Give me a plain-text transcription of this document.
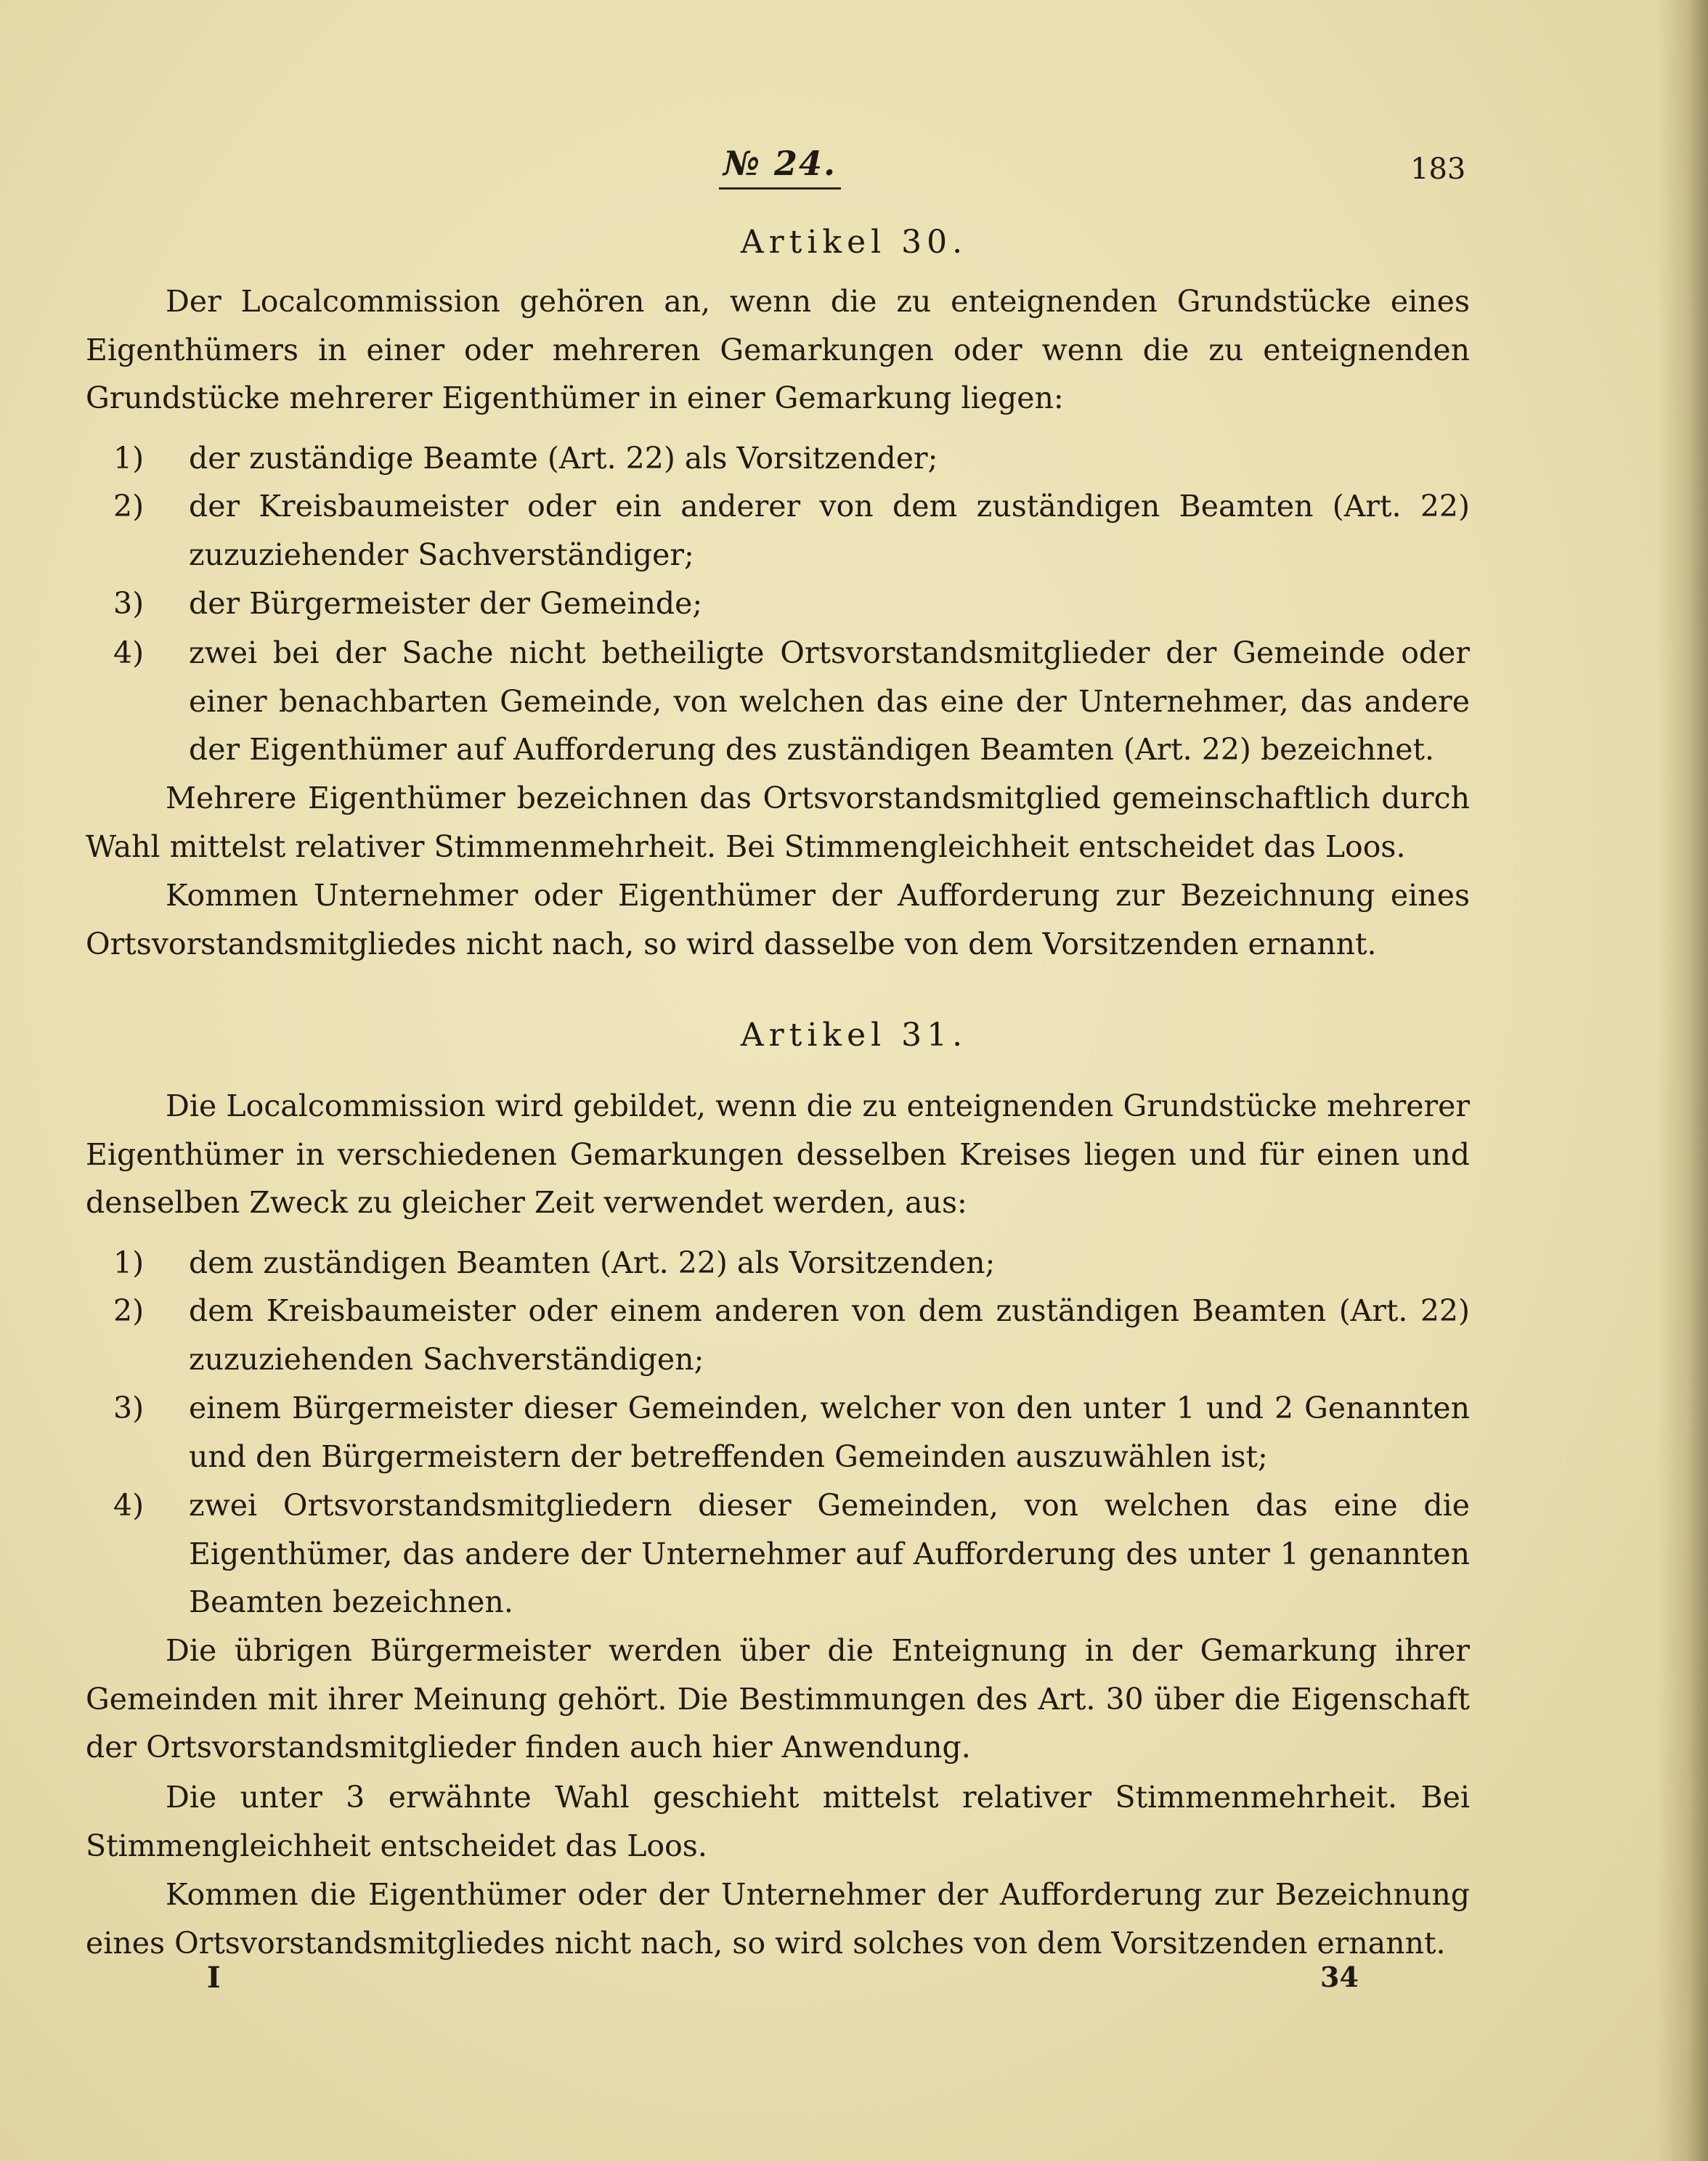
№ 24.	183
Artikel 30.

Der Localcommission gehören an, wenn die zu enteignenden Grundstücke eines Eigenthümers in einer oder mehreren Gemarkungen oder wenn die zu enteignenden Grundstücke mehrerer Eigenthümer in einer Gemarkung liegen:

1) der zuständige Beamte (Art. 22) als Vorsitzender;
2) der Kreisbaumeister oder ein anderer von dem zuständigen Beamten (Art. 22) zuzuziehender Sachverständiger;
3) der Bürgermeister der Gemeinde;
4) zwei bei der Sache nicht betheiligte Ortsvorstandsmitglieder der Gemeinde oder einer benachbarten Gemeinde, von welchen das eine der Unternehmer, das andere der Eigenthümer auf Aufforderung des zuständigen Beamten (Art. 22) bezeichnet.

Mehrere Eigenthümer bezeichnen das Ortsvorstandsmitglied gemeinschaftlich durch Wahl mittelst relativer Stimmenmehrheit. Bei Stimmengleichheit entscheidet das Loos.

Kommen Unternehmer oder Eigenthümer der Aufforderung zur Bezeichnung eines Ortsvorstandsmitgliedes nicht nach, so wird dasselbe von dem Vorsitzenden ernannt.

Artikel 31.

Die Localcommission wird gebildet, wenn die zu enteignenden Grundstücke mehrerer Eigenthümer in verschiedenen Gemarkungen desselben Kreises liegen und für einen und denselben Zweck zu gleicher Zeit verwendet werden, aus:

1) dem zuständigen Beamten (Art. 22) als Vorsitzenden;
2) dem Kreisbaumeister oder einem anderen von dem zuständigen Beamten (Art. 22) zuzuziehenden Sachverständigen;
3) einem Bürgermeister dieser Gemeinden, welcher von den unter 1 und 2 Genannten und den Bürgermeistern der betreffenden Gemeinden auszuwählen ist;
4) zwei Ortsvorstandsmitgliedern dieser Gemeinden, von welchen das eine die Eigenthümer, das andere der Unternehmer auf Aufforderung des unter 1 genannten Beamten bezeichnen.

Die übrigen Bürgermeister werden über die Enteignung in der Gemarkung ihrer Gemeinden mit ihrer Meinung gehört. Die Bestimmungen des Art. 30 über die Eigenschaft der Ortsvorstandsmitglieder finden auch hier Anwendung.

Die unter 3 erwähnte Wahl geschieht mittelst relativer Stimmenmehrheit. Bei Stimmengleichheit entscheidet das Loos.

Kommen die Eigenthümer oder der Unternehmer der Aufforderung zur Bezeichnung eines Ortsvorstandsmitgliedes nicht nach, so wird solches von dem Vorsitzenden ernannt.

I	34
